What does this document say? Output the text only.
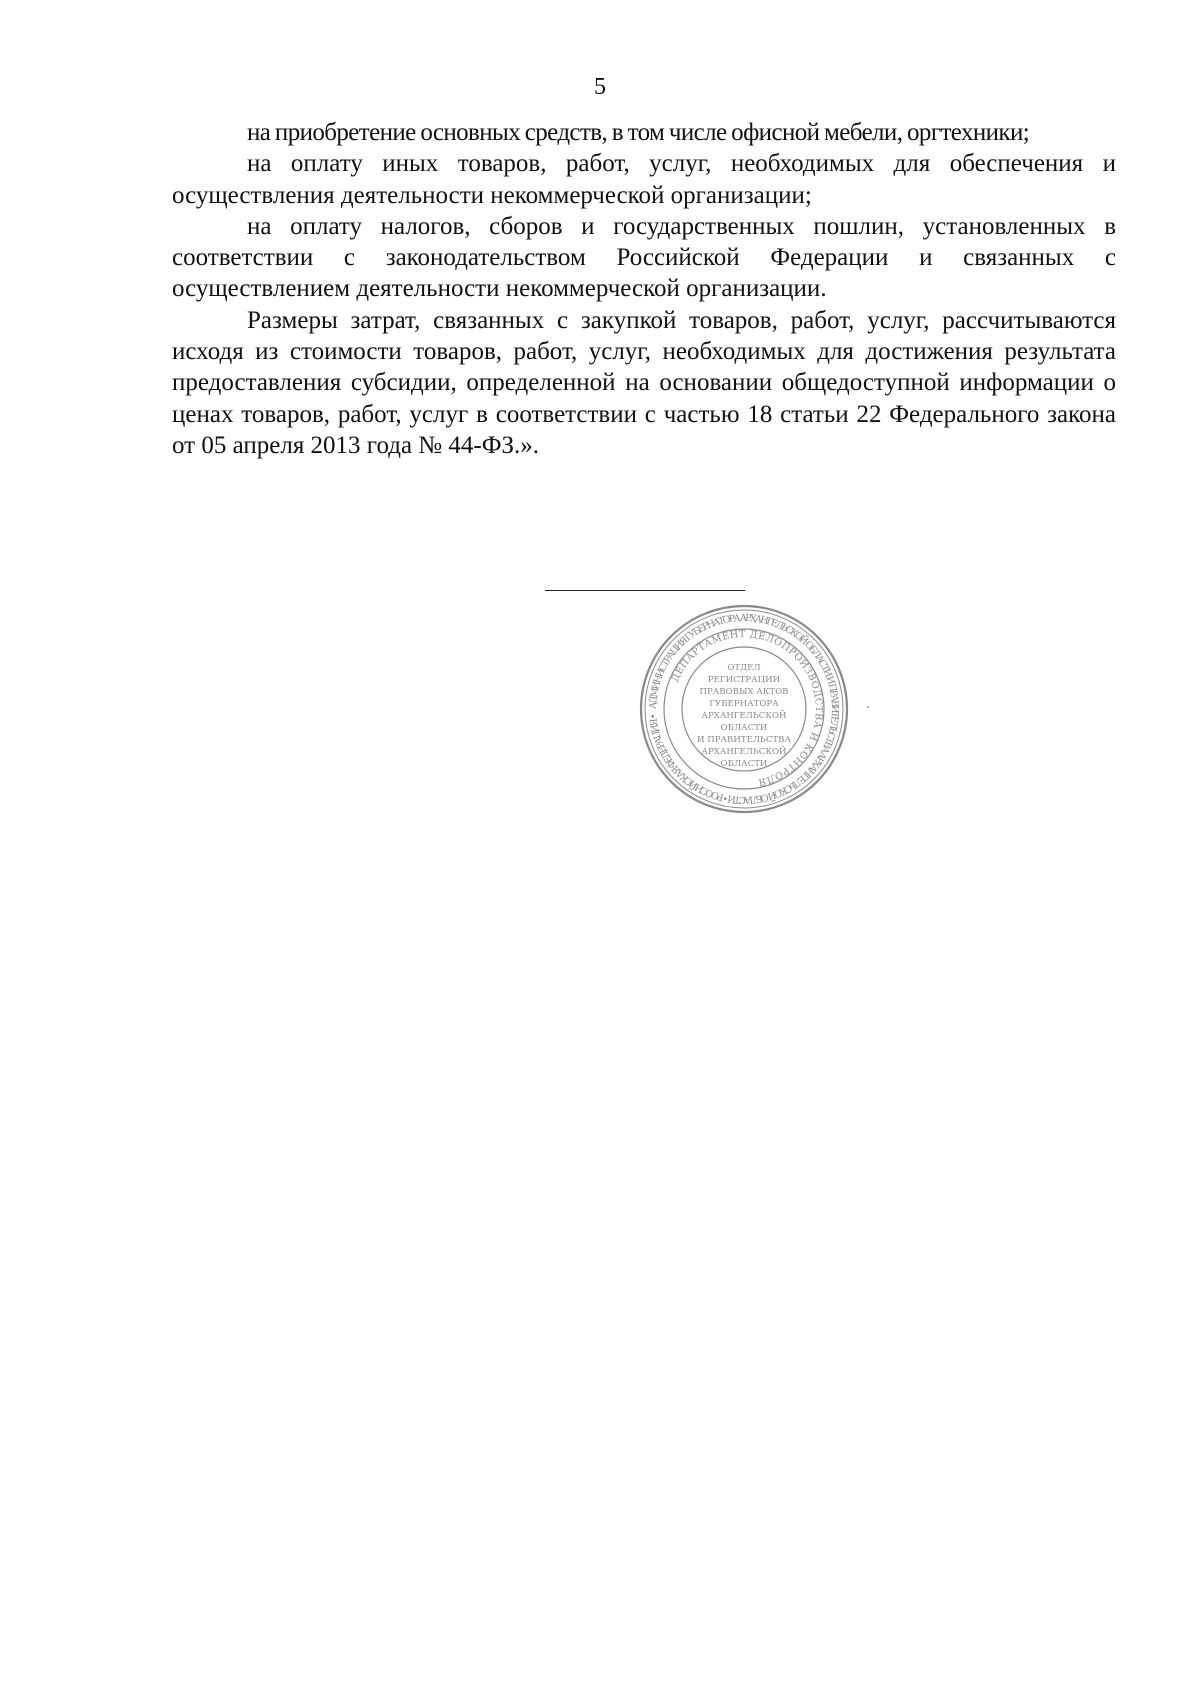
5

на приобретение основных средств, в том числе офисной мебели, оргтехники;

на оплату иных товаров, работ, услуг, необходимых для обеспечения и осуществления деятельности некоммерческой организации;

на оплату налогов, сборов и государственных пошлин, установленных в соответствии с законодательством Российской Федерации и связанных с осуществлением деятельности некоммерческой организации.

Размеры затрат, связанных с закупкой товаров, работ, услуг, рассчитываются исходя из стоимости товаров, работ, услуг, необходимых для достижения результата предоставления субсидии, определенной на основании общедоступной информации о ценах товаров, работ, услуг в соответствии с частью 18 статьи 22 Федерального закона от 05 апреля 2013 года № 44-ФЗ.».

АДМИНИСТРАЦИЯ ГУБЕРНАТОРА АРХАНГЕЛЬСКОЙ ОБЛАСТИ И ПРАВИТЕЛЬСТВА АРХАНГЕЛЬСКОЙ ОБЛАСТИ • РОССИЙСКАЯ ФЕДЕРАЦИЯ •
ДЕПАРТАМЕНТ ДЕЛОПРОИЗВОДСТВА И КОНТРОЛЯ
ОТДЕЛ
РЕГИСТРАЦИИ
ПРАВОВЫХ АКТОВ
ГУБЕРНАТОРА
АРХАНГЕЛЬСКОЙ
ОБЛАСТИ
И ПРАВИТЕЛЬСТВА
АРХАНГЕЛЬСКОЙ
ОБЛАСТИ
